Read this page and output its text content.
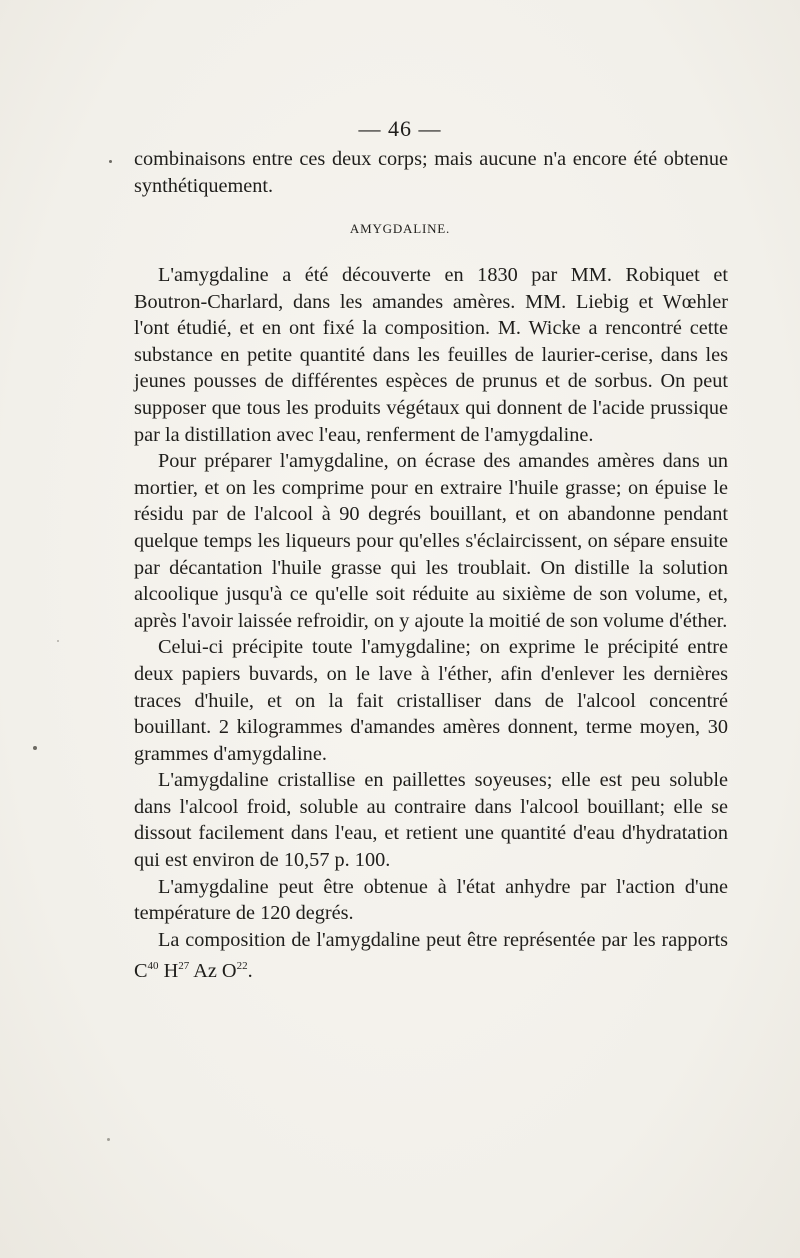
— 46 —

combinaisons entre ces deux corps; mais aucune n'a encore été obtenue synthétiquement.

AMYGDALINE.

L'amygdaline a été découverte en 1830 par MM. Robiquet et Boutron-Charlard, dans les amandes amères. MM. Liebig et Wœhler l'ont étudié, et en ont fixé la composition. M. Wicke a rencontré cette substance en petite quantité dans les feuilles de laurier-cerise, dans les jeunes pousses de différentes espèces de prunus et de sorbus. On peut supposer que tous les produits végétaux qui donnent de l'acide prussique par la distillation avec l'eau, renferment de l'amygdaline.

Pour préparer l'amygdaline, on écrase des amandes amères dans un mortier, et on les comprime pour en extraire l'huile grasse; on épuise le résidu par de l'alcool à 90 degrés bouillant, et on abandonne pendant quelque temps les liqueurs pour qu'elles s'éclaircissent, on sépare ensuite par décantation l'huile grasse qui les troublait. On distille la solution alcoolique jusqu'à ce qu'elle soit réduite au sixième de son volume, et, après l'avoir laissée refroidir, on y ajoute la moitié de son volume d'éther.

Celui-ci précipite toute l'amygdaline; on exprime le précipité entre deux papiers buvards, on le lave à l'éther, afin d'enlever les dernières traces d'huile, et on la fait cristalliser dans de l'alcool concentré bouillant. 2 kilogrammes d'amandes amères donnent, terme moyen, 30 grammes d'amygdaline.

L'amygdaline cristallise en paillettes soyeuses; elle est peu soluble dans l'alcool froid, soluble au contraire dans l'alcool bouillant; elle se dissout facilement dans l'eau, et retient une quantité d'eau d'hydratation qui est environ de 10,57 p. 100.

L'amygdaline peut être obtenue à l'état anhydre par l'action d'une température de 120 degrés.

La composition de l'amygdaline peut être représentée par les rapports $C^{40}$ $H^{27}$ Az $O^{22}$.
